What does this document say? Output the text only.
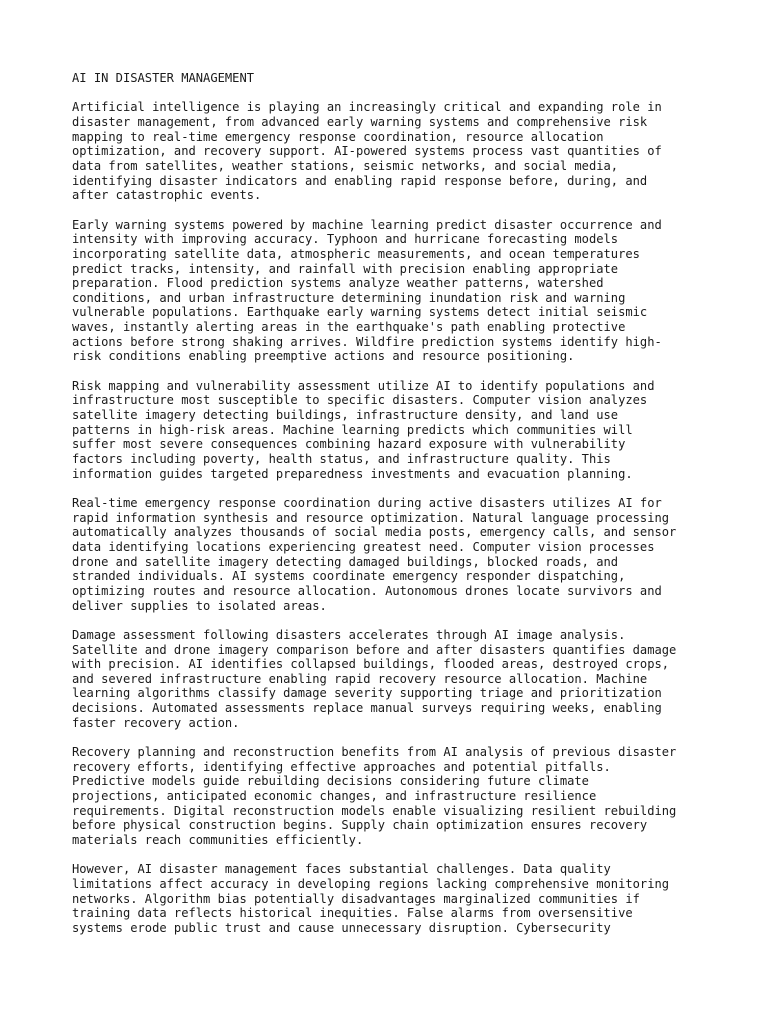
AI IN DISASTER MANAGEMENT

Artificial intelligence is playing an increasingly critical and expanding role in
disaster management, from advanced early warning systems and comprehensive risk
mapping to real-time emergency response coordination, resource allocation
optimization, and recovery support. AI-powered systems process vast quantities of
data from satellites, weather stations, seismic networks, and social media,
identifying disaster indicators and enabling rapid response before, during, and
after catastrophic events.

Early warning systems powered by machine learning predict disaster occurrence and
intensity with improving accuracy. Typhoon and hurricane forecasting models
incorporating satellite data, atmospheric measurements, and ocean temperatures
predict tracks, intensity, and rainfall with precision enabling appropriate
preparation. Flood prediction systems analyze weather patterns, watershed
conditions, and urban infrastructure determining inundation risk and warning
vulnerable populations. Earthquake early warning systems detect initial seismic
waves, instantly alerting areas in the earthquake's path enabling protective
actions before strong shaking arrives. Wildfire prediction systems identify high-
risk conditions enabling preemptive actions and resource positioning.

Risk mapping and vulnerability assessment utilize AI to identify populations and
infrastructure most susceptible to specific disasters. Computer vision analyzes
satellite imagery detecting buildings, infrastructure density, and land use
patterns in high-risk areas. Machine learning predicts which communities will
suffer most severe consequences combining hazard exposure with vulnerability
factors including poverty, health status, and infrastructure quality. This
information guides targeted preparedness investments and evacuation planning.

Real-time emergency response coordination during active disasters utilizes AI for
rapid information synthesis and resource optimization. Natural language processing
automatically analyzes thousands of social media posts, emergency calls, and sensor
data identifying locations experiencing greatest need. Computer vision processes
drone and satellite imagery detecting damaged buildings, blocked roads, and
stranded individuals. AI systems coordinate emergency responder dispatching,
optimizing routes and resource allocation. Autonomous drones locate survivors and
deliver supplies to isolated areas.

Damage assessment following disasters accelerates through AI image analysis.
Satellite and drone imagery comparison before and after disasters quantifies damage
with precision. AI identifies collapsed buildings, flooded areas, destroyed crops,
and severed infrastructure enabling rapid recovery resource allocation. Machine
learning algorithms classify damage severity supporting triage and prioritization
decisions. Automated assessments replace manual surveys requiring weeks, enabling
faster recovery action.

Recovery planning and reconstruction benefits from AI analysis of previous disaster
recovery efforts, identifying effective approaches and potential pitfalls.
Predictive models guide rebuilding decisions considering future climate
projections, anticipated economic changes, and infrastructure resilience
requirements. Digital reconstruction models enable visualizing resilient rebuilding
before physical construction begins. Supply chain optimization ensures recovery
materials reach communities efficiently.

However, AI disaster management faces substantial challenges. Data quality
limitations affect accuracy in developing regions lacking comprehensive monitoring
networks. Algorithm bias potentially disadvantages marginalized communities if
training data reflects historical inequities. False alarms from oversensitive
systems erode public trust and cause unnecessary disruption. Cybersecurity
